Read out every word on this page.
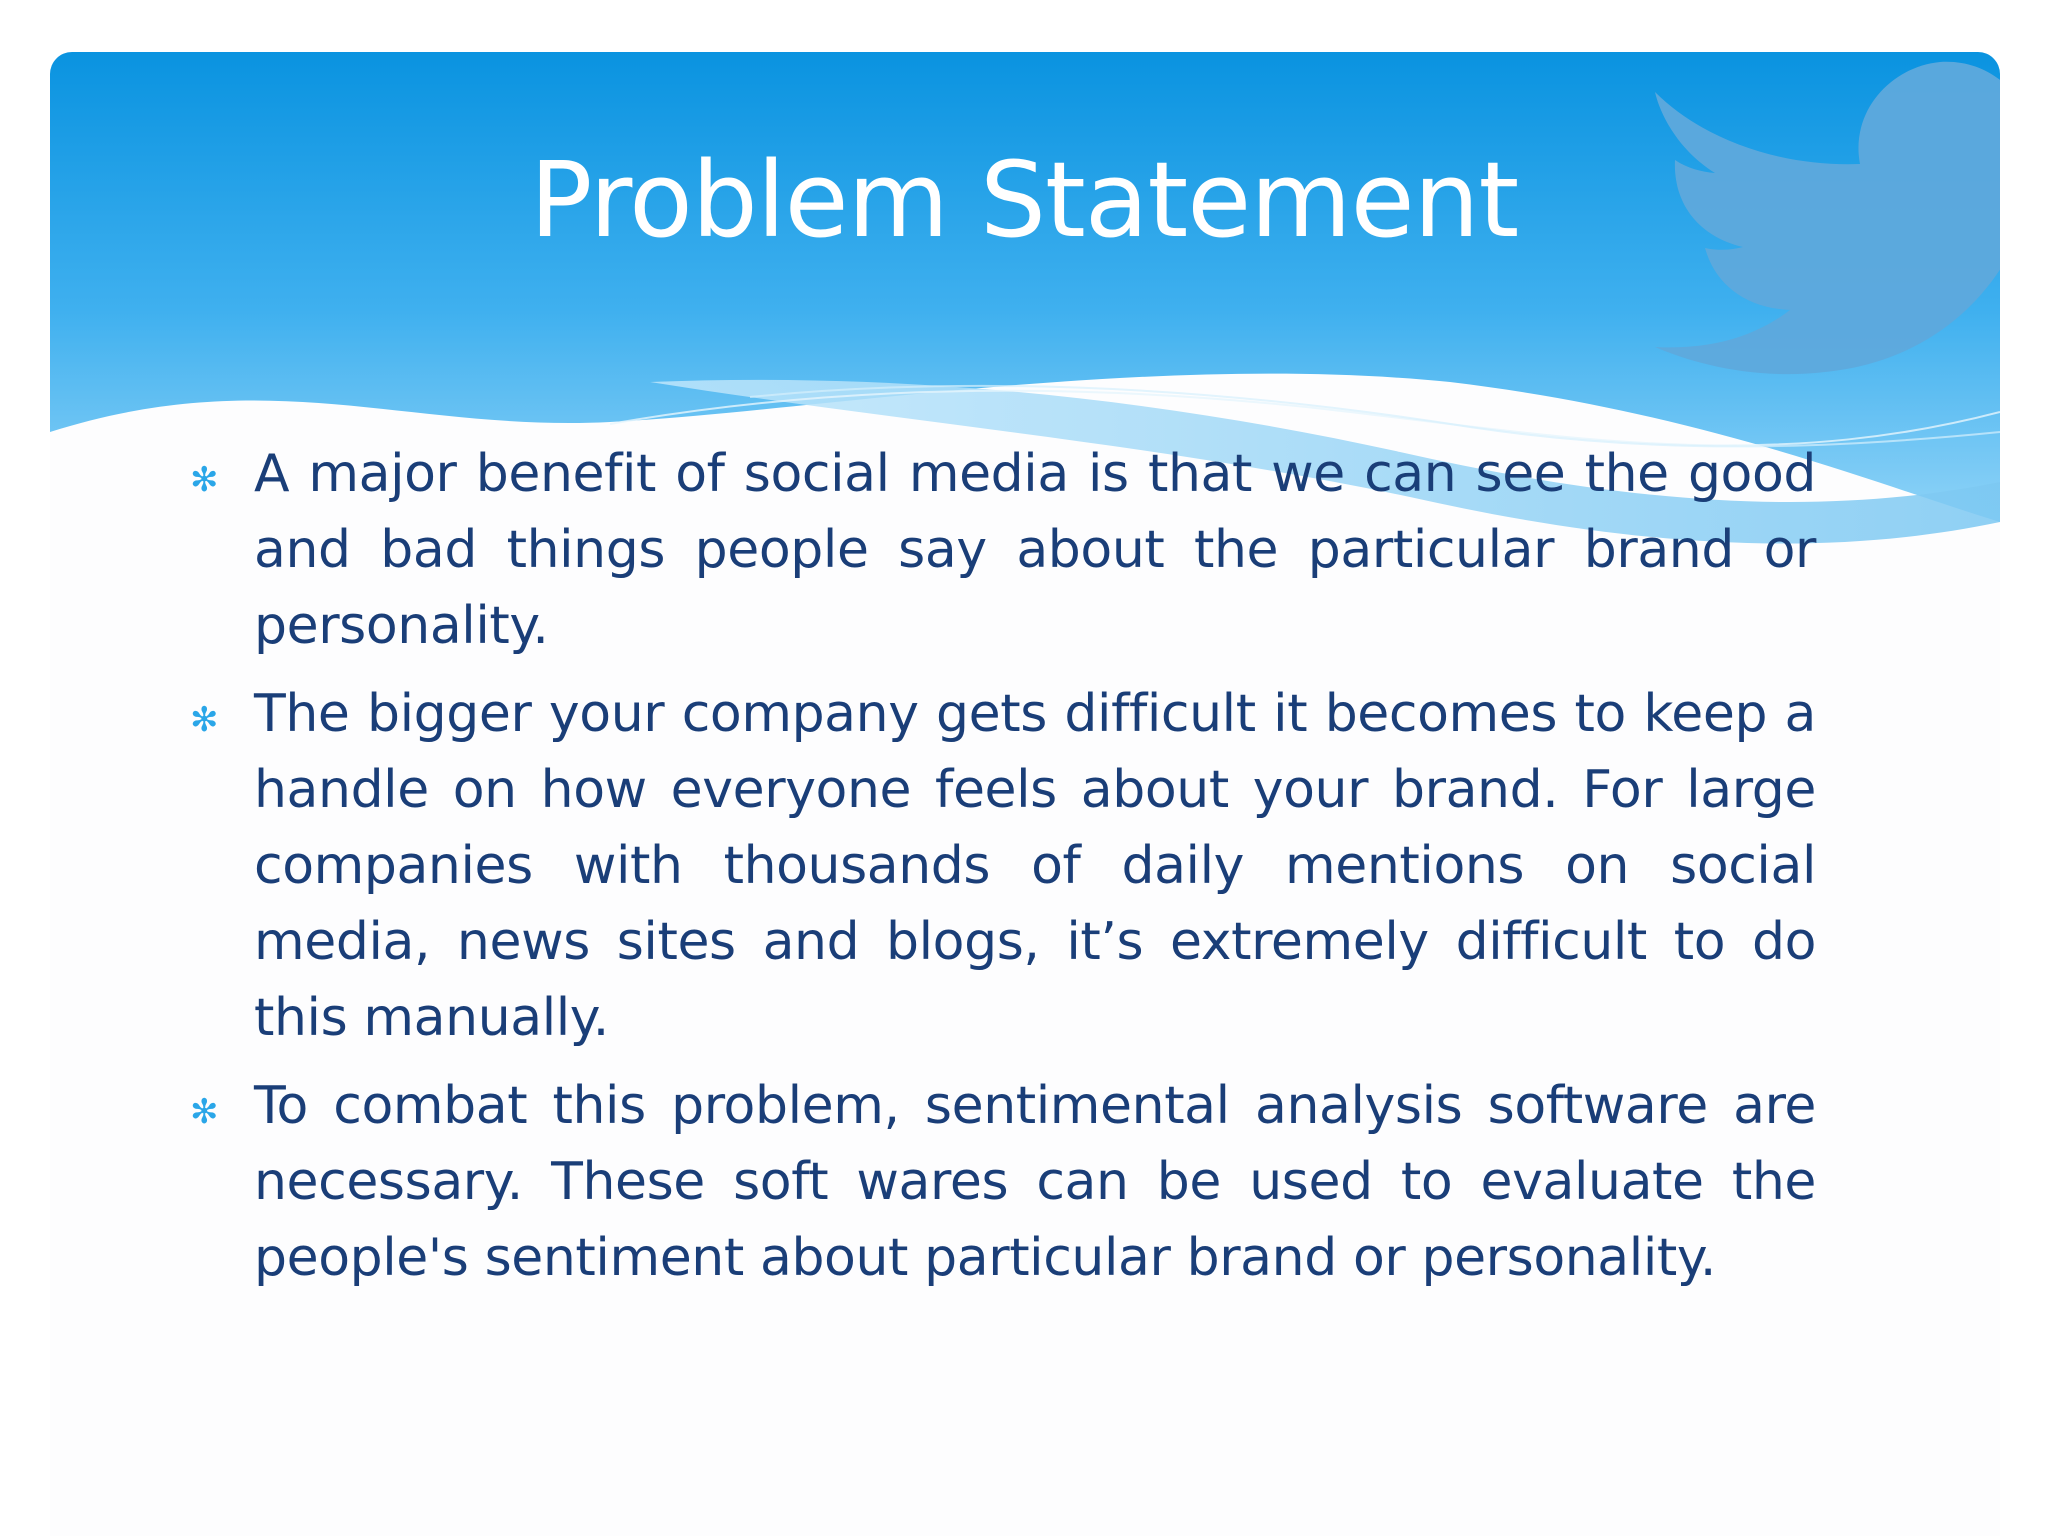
Problem Statement
✻ A major benefit of social media is that we can see the good and bad things people say about the particular brand or personality.
✻ The bigger your company gets difficult it becomes to keep a handle on how everyone feels about your brand. For large companies with thousands of daily mentions on social media, news sites and blogs, it’s extremely difficult to do this manually.
✻ To combat this problem, sentimental analysis software are necessary. These soft wares can be used to evaluate the people's sentiment about particular brand or personality.
